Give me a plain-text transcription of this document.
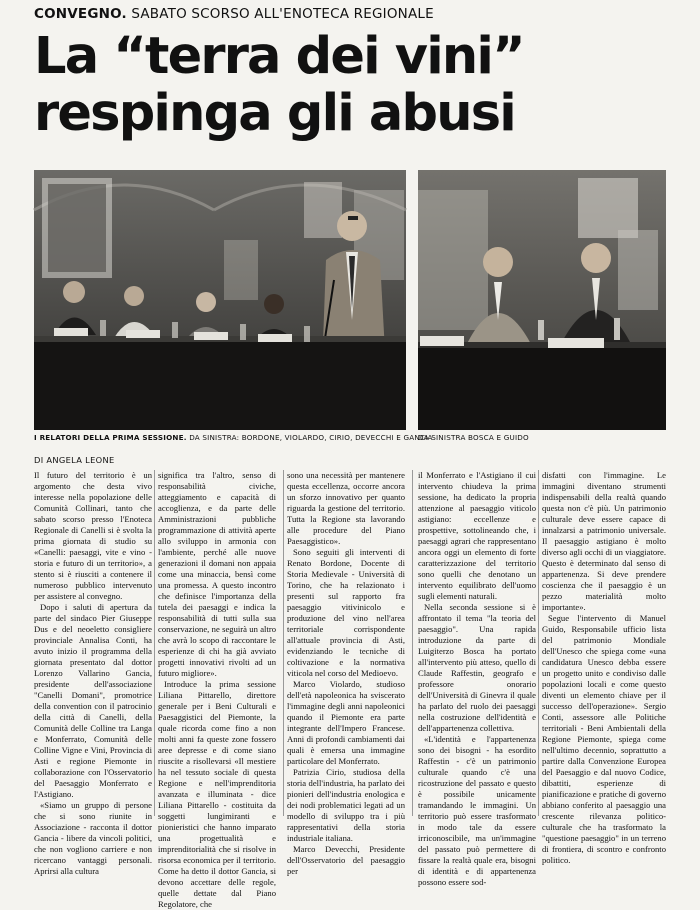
CONVEGNO. SABATO SCORSO ALL'ENOTECA REGIONALE
La “terra dei vini”
respinga gli abusi
I RELATORI DELLA PRIMA SESSIONE. DA SINISTRA: BORDONE, VIOLARDO, CIRIO, DEVECCHI E GANCIA
DA SINISTRA BOSCA E GUIDO
DI ANGELA LEONE

Il futuro del territorio è un argomento che desta vivo interesse nella popolazione delle Comunità Collinari, tanto che sabato scorso presso l'Enoteca Regionale di Canelli si è svolta la prima giornata di studio su «Canelli: paesaggi, vite e vino - storia e futuro di un territorio», a stento si è riusciti a contenere il numeroso pubblico intervenuto per assistere al convegno.

Dopo i saluti di apertura da parte del sindaco Pier Giuseppe Dus e del neoeletto consigliere provinciale Annalisa Conti, ha avuto inizio il programma della giornata presentato dal dottor Lorenzo Vallarino Gancia, presidente dell'associazione "Canelli Domani", promotrice della convention con il patrocinio della città di Canelli, della Comunità delle Colline tra Langa e Monferrato, Comunità delle Colline Vigne e Vini, Provincia di Asti e regione Piemonte in collaborazione con l'Osservatorio del Paesaggio Monferrato e l'Astigiano.

«Siamo un gruppo di persone che si sono riunite in Associazione - racconta il dottor Gancia - libere da vincoli politici, che non vogliono carriere e non ricercano vantaggi personali. Aprirsi alla cultura

significa tra l'altro, senso di responsabilità civiche, atteggiamento e capacità di accoglienza, e da parte delle Amministrazioni pubbliche programmazione di attività aperte allo sviluppo in armonia con l'ambiente, perché alle nuove generazioni il domani non appaia come una minaccia, bensì come una promessa. A questo incontro che definisce l'importanza della tutela dei paesaggi e indica la responsabilità di tutti sulla sua conservazione, ne seguirà un altro che avrà lo scopo di raccontare le esperienze di chi ha già avviato progetti innovativi rivolti ad un futuro migliore».

Introduce la prima sessione Liliana Pittarello, direttore generale per i Beni Culturali e Paesaggistici del Piemonte, la quale ricorda come fino a non molti anni fa queste zone fossero aree depresse e di come siano riuscite a risollevarsi «Il mestiere ha nel tessuto sociale di questa Regione e nell'imprenditoria avanzata e illuminata - dice Liliana Pittarello - costituita da soggetti lungimiranti e pionieristici che hanno imparato una progettualità e imprenditorialità che si risolve in risorsa economica per il territorio. Come ha detto il dottor Gancia, si devono accettare delle regole, quelle dettate dal Piano Regolatore, che

sono una necessità per mantenere questa eccellenza, occorre ancora un sforzo innovativo per quanto riguarda la gestione del territorio. Tutta la Regione sta lavorando alle procedure del Piano Paesaggistico».

Sono seguiti gli interventi di Renato Bordone, Docente di Storia Medievale - Università di Torino, che ha relazionato i presenti sul rapporto fra paesaggio vitivinicolo e produzione del vino nell'area territoriale corrispondente all'attuale provincia di Asti, evidenziando le tecniche di coltivazione e la normativa viticola nel corso del Medioevo.

Marco Violardo, studioso dell'età napoleonica ha sviscerato l'immagine degli anni napoleonici quando il Piemonte era parte integrante dell'Impero Francese. Anni di profondi cambiamenti dai quali è emersa una immagine particolare del Monferrato.

Patrizia Cirio, studiosa della storia dell'industria, ha parlato dei pionieri dell'industria enologica e dei nodi problematici legati ad un modello di sviluppo tra i più rappresentativi della storia industriale italiana.

Marco Devecchi, Presidente dell'Osservatorio del paesaggio per

il Monferrato e l'Astigiano il cui intervento chiudeva la prima sessione, ha dedicato la propria attenzione al paesaggio viticolo astigiano: eccellenze e prospettive, sottolineando che, i paesaggi agrari che rappresentano ancora oggi un elemento di forte caratterizzazione del territorio sono quelli che denotano un intervento equilibrato dell'uomo sugli elementi naturali.

Nella seconda sessione si è affrontato il tema "la teoria del paesaggio". Una rapida introduzione da parte di Luigiterzo Bosca ha portato all'intervento più atteso, quello di Claude Raffestin, geografo e professore onorario dell'Università di Ginevra il quale ha parlato del ruolo dei paesaggi nella costruzione dell'identità e dell'appartenenza collettiva.

«L'identità e l'appartenenza sono dei bisogni - ha esordito Raffestin - c'è un patrimonio culturale quando c'è una ricostruzione del passato e questo è possibile unicamente tramandando le immagini. Un territorio può essere trasformato in modo tale da essere irriconoscibile, ma un'immagine del passato può permettere di fissare la realtà quale era, bisogni di identità e di appartenenza possono essere sod-

disfatti con l'immagine. Le immagini diventano strumenti indispensabili della realtà quando questa non c'è più. Un patrimonio culturale deve essere capace di innalzarsi a patrimonio universale. Il paesaggio astigiano è molto diverso agli occhi di un viaggiatore. Questo è determinato dal senso di appartenenza. Si deve prendere coscienza che il paesaggio è un pezzo materialità molto importante».

Segue l'intervento di Manuel Guido, Responsabile ufficio lista del patrimonio Mondiale dell'Unesco che spiega come «una candidatura Unesco debba essere un progetto unito e condiviso dalle popolazioni locali e come questo diventi un elemento chiave per il successo dell'operazione». Sergio Conti, assessore alle Politiche territoriali - Beni Ambientali della Regione Piemonte, spiega come nell'ultimo decennio, soprattutto a partire dalla Convenzione Europea del Paesaggio e dal nuovo Codice, dibattiti, esperienze di pianificazione e pratiche di governo abbiano conferito al paesaggio una crescente rilevanza politico-culturale che ha trasformato la "questione paesaggio" in un terreno di frontiera, di scontro e confronto politico.
